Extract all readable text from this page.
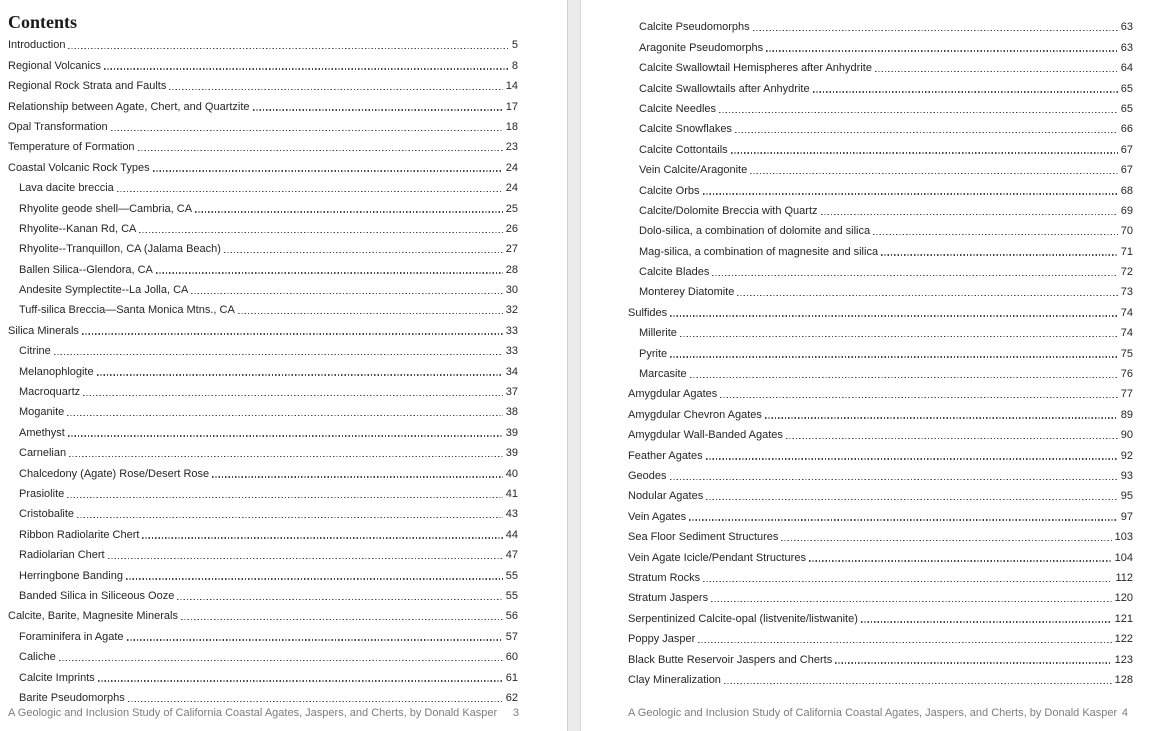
Contents
Introduction	5
Regional Volcanics	8
Regional Rock Strata and Faults	14
Relationship between Agate, Chert, and Quartzite	17
Opal Transformation	18
Temperature of Formation	23
Coastal Volcanic Rock Types	24
Lava dacite breccia	24
Rhyolite geode shell—Cambria, CA	25
Rhyolite--Kanan Rd, CA	26
Rhyolite--Tranquillon, CA (Jalama Beach)	27
Ballen Silica--Glendora, CA	28
Andesite Symplectite--La Jolla, CA	30
Tuff-silica Breccia—Santa Monica Mtns., CA	32
Silica Minerals	33
Citrine	33
Melanophlogite	34
Macroquartz	37
Moganite	38
Amethyst	39
Carnelian	39
Chalcedony (Agate) Rose/Desert Rose	40
Prasiolite	41
Cristobalite	43
Ribbon Radiolarite Chert	44
Radiolarian Chert	47
Herringbone Banding	55
Banded Silica in Siliceous Ooze	55
Calcite, Barite, Magnesite Minerals	56
Foraminifera in Agate	57
Caliche	60
Calcite Imprints	61
Barite Pseudomorphs	62
A Geologic and Inclusion Study of California Coastal Agates, Jaspers, and Cherts, by Donald Kasper 3
Calcite Pseudomorphs	63
Aragonite Pseudomorphs	63
Calcite Swallowtail Hemispheres after Anhydrite	64
Calcite Swallowtails after Anhydrite	65
Calcite Needles	65
Calcite Snowflakes	66
Calcite Cottontails	67
Vein Calcite/Aragonite	67
Calcite Orbs	68
Calcite/Dolomite Breccia with Quartz	69
Dolo-silica, a combination of dolomite and silica	70
Mag-silica, a combination of magnesite and silica	71
Calcite Blades	72
Monterey Diatomite	73
Sulfides	74
Millerite	74
Pyrite	75
Marcasite	76
Amygdular Agates	77
Amygdular Chevron Agates	89
Amygdular Wall-Banded Agates	90
Feather Agates	92
Geodes	93
Nodular Agates	95
Vein Agates	97
Sea Floor Sediment Structures	103
Vein Agate Icicle/Pendant Structures	104
Stratum Rocks	112
Stratum Jaspers	120
Serpentinized Calcite-opal (listvenite/listwanite)	121
Poppy Jasper	122
Black Butte Reservoir Jaspers and Cherts	123
Clay Mineralization	128
A Geologic and Inclusion Study of California Coastal Agates, Jaspers, and Cherts, by Donald Kasper 4
